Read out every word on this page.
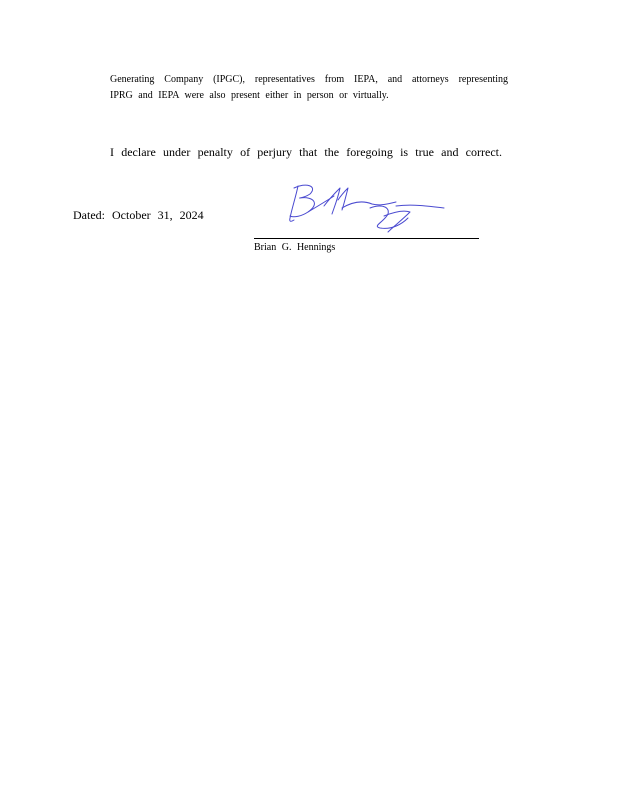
Generating Company (IPGC), representatives from IEPA, and attorneys representing
IPRG and IEPA were also present either in person or virtually.

I declare under penalty of perjury that the foregoing is true and correct.

Dated: October 31, 2024

Brian G. Hennings
